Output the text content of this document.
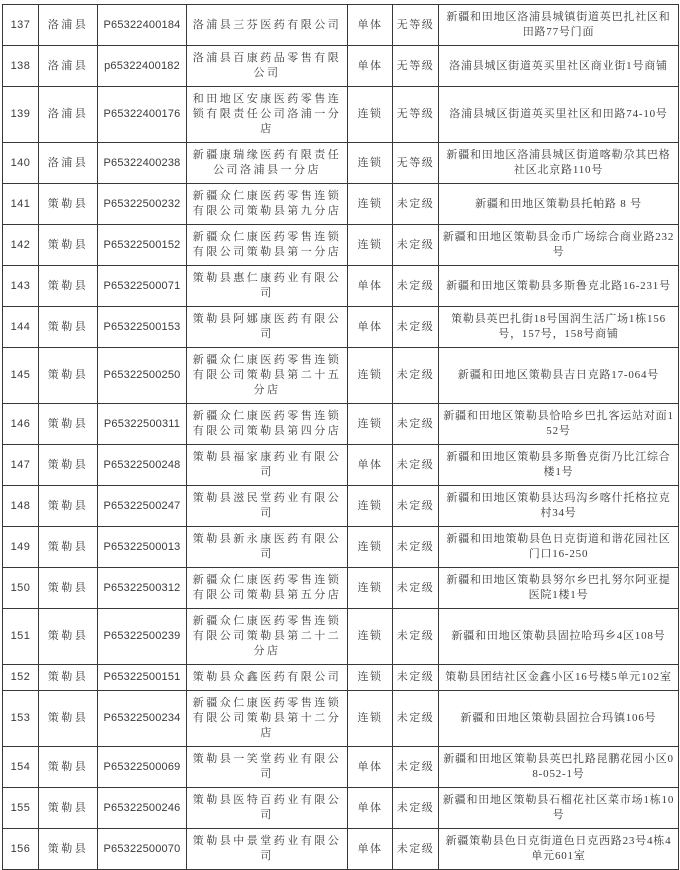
137	洛浦县	P65322400184	洛浦县三芬医药有限公司	单体	无等级	新疆和田地区洛浦县城镇街道英巴扎社区和田路77号门面
138	洛浦县	p65322400182	洛浦县百康药品零售有限公司	单体	无等级	洛浦县城区街道英买里社区商业街1号商铺
139	洛浦县	P65322400176	和田地区安康医药零售连锁有限责任公司洛浦一分店	连锁	无等级	洛浦县城区街道英买里社区和田路74-10号
140	洛浦县	P65322400238	新疆康瑞缘医药有限责任公司洛浦县一分店	连锁	无等级	新疆和田地区洛浦县城区街道喀勒尕其巴格社区北京路110号
141	策勒县	P65322500232	新疆众仁康医药零售连锁有限公司策勒县第九分店	连锁	未定级	新疆和田地区策勒县托帕路 8 号
142	策勒县	P65322500152	新疆众仁康医药零售连锁有限公司策勒县第一分店	连锁	未定级	新疆和田地区策勒县金币广场综合商业路232号
143	策勒县	P65322500071	策勒县惠仁康药业有限公司	单体	未定级	新疆和田地区策勒县多斯鲁克北路16-231号
144	策勒县	P65322500153	策勒县阿娜康医药有限公司	单体	未定级	策勒县英巴扎街18号国润生活广场1栋156号，157号，158号商铺
145	策勒县	P65322500250	新疆众仁康医药零售连锁有限公司策勒县第二十五分店	连锁	未定级	新疆和田地区策勒县吉日克路17-064号
146	策勒县	P65322500311	新疆众仁康医药零售连锁有限公司策勒县第四分店	连锁	未定级	新疆和田地区策勒县恰哈乡巴扎客运站对面152号
147	策勒县	P65322500248	策勒县福家康药业有限公司	单体	未定级	新疆和田地区策勒县多斯鲁克街乃比江综合楼1号
148	策勒县	P65322500247	策勒县滋民堂药业有限公司	连锁	未定级	新疆和田地区策勒县达玛沟乡喀什托格拉克村34号
149	策勒县	P65322500013	策勒县新永康医药有限公司	连锁	未定级	新疆和田地策勒县色日克街道和谐花园社区门口16-250
150	策勒县	P65322500312	新疆众仁康医药零售连锁有限公司策勒县第五分店	连锁	未定级	新疆和田地区策勒县努尔乡巴扎努尔阿亚提医院1楼1号
151	策勒县	P65322500239	新疆众仁康医药零售连锁有限公司策勒县第二十二分店	连锁	未定级	新疆和田地区策勒县固拉哈玛乡4区108号
152	策勒县	P65322500151	策勒县众鑫医药有限公司	连锁	未定级	策勒县团结社区金鑫小区16号楼5单元102室
153	策勒县	P65322500234	新疆众仁康医药零售连锁有限公司策勒县第十二分店	连锁	未定级	新疆和田地区策勒县固拉合玛镇106号
154	策勒县	P65322500069	策勒县一笑堂药业有限公司	单体	未定级	新疆和田地区策勒县英巴扎路昆鹏花园小区08-052-1号
155	策勒县	P65322500246	策勒县医特百药业有限公司	单体	未定级	新疆和田地区策勒县石榴花社区菜市场1栋10号
156	策勒县	P65322500070	策勒县中景堂药业有限公司	单体	未定级	新疆策勒县色日克街道色日克西路23号4栋4单元601室
